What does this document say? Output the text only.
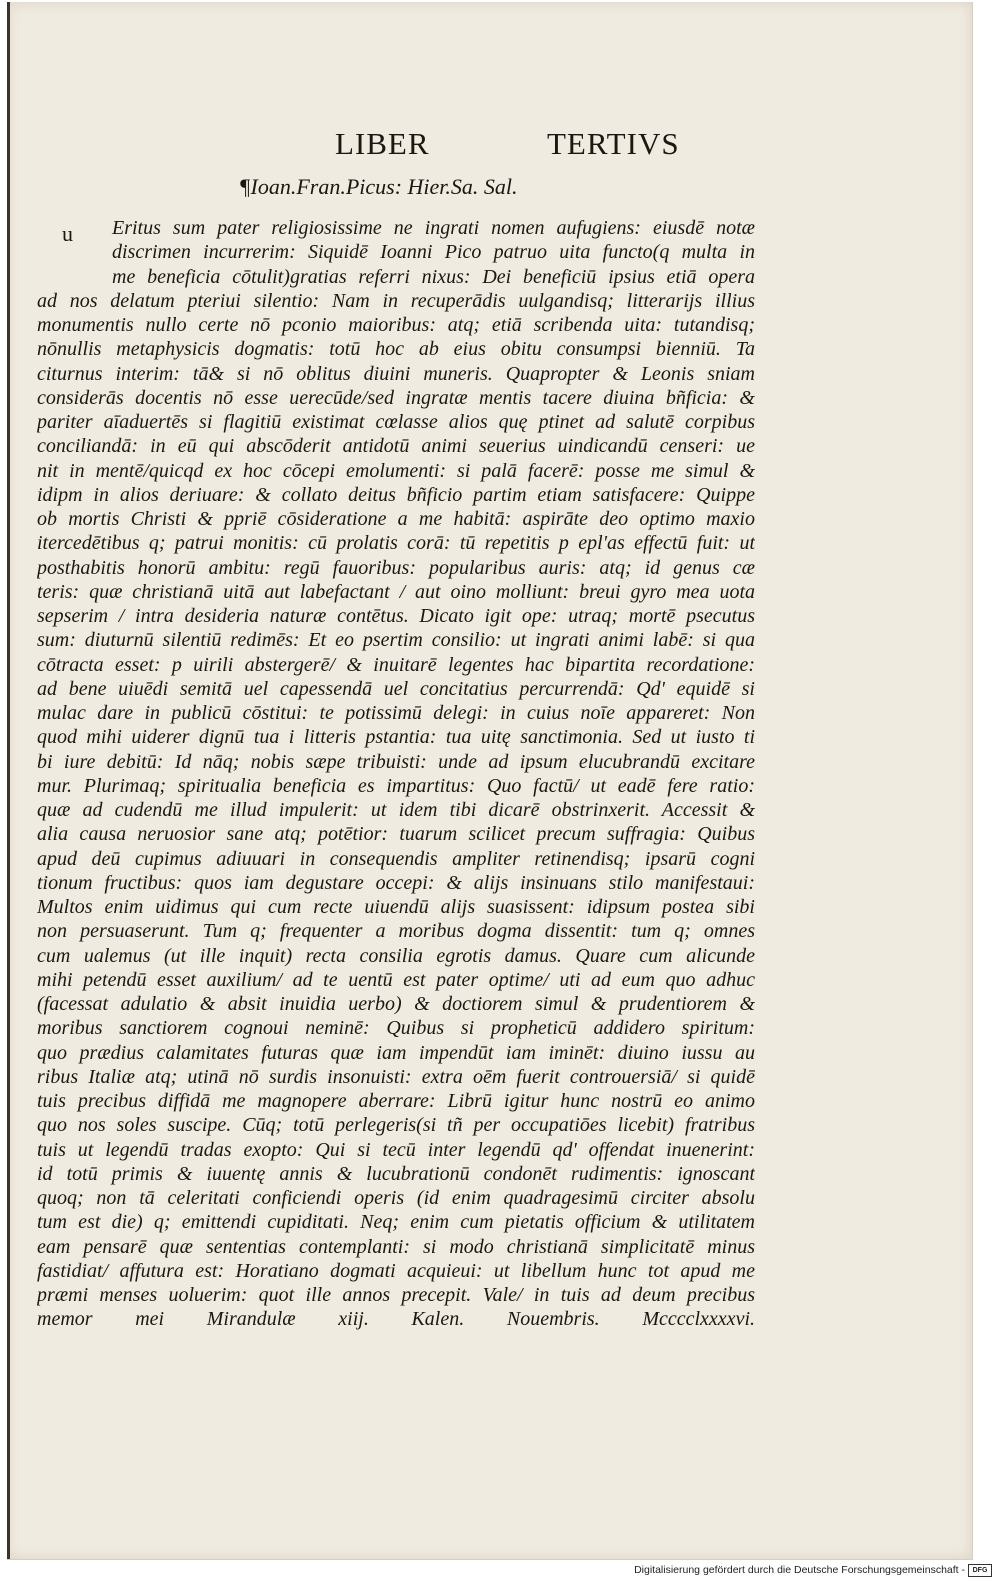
LIBER	TERTIVS
¶Ioan.Fran.Picus: Hier.Sa. Sal.
u	Eritus sum pater religiosissime ne ingrati nomen aufugiens: eiusdē notæ
discrimen incurrerim: Siquidē Ioanni Pico patruo uita functo(q multa in
me beneficia cōtulit)gratias referri nixus: Dei beneficiū ipsius etiā opera
ad nos delatum pteriui silentio: Nam in recuperādis uulgandisq; litterarijs illius
monumentis nullo certe nō pconio maioribus: atq; etiā scribenda uita: tutandisq;
nōnullis metaphysicis dogmatis: totū hoc ab eius obitu consumpsi bienniū. Ta
citurnus interim: tā& si nō oblitus diuini muneris. Quapropter & Leonis sniam
considerās docentis nō esse uerecūde/sed ingratæ mentis tacere diuina bñficia: &
pariter aīaduertēs si flagitiū existimat cœlasse alios quę ptinet ad salutē corpibus
conciliandā: in eū qui abscōderit antidotū animi seuerius uindicandū censeri: ue
nit in mentē/quicqd ex hoc cōcepi emolumenti: si palā facerē: posse me simul &
idipm in alios deriuare: & collato deitus bñficio partim etiam satisfacere: Quippe
ob mortis Christi & ppriē cōsideratione a me habitā: aspirāte deo optimo maxio
itercedētibus q; patrui monitis: cū prolatis corā: tū repetitis p epl'as effectū fuit: ut
posthabitis honorū ambitu: regū fauoribus: popularibus auris: atq; id genus cæ
teris: quæ christianā uitā aut labefactant / aut oino molliunt: breui gyro mea uota
sepserim / intra desideria naturæ contētus. Dicato igit ope: utraq; mortē psecutus
sum: diuturnū silentiū redimēs: Et eo psertim consilio: ut ingrati animi labē: si qua
cōtracta esset: p uirili abstergerē/ & inuitarē legentes hac bipartita recordatione:
ad bene uiuēdi semitā uel capessendā uel concitatius percurrendā: Qd' equidē si
mulac dare in publicū cōstitui: te potissimū delegi: in cuius noīe appareret: Non
quod mihi uiderer dignū tua i litteris pstantia: tua uitę sanctimonia. Sed ut iusto ti
bi iure debitū: Id nāq; nobis sæpe tribuisti: unde ad ipsum elucubrandū excitare
mur. Plurimaq; spiritualia beneficia es impartitus: Quo factū/ ut eadē fere ratio:
quæ ad cudendū me illud impulerit: ut idem tibi dicarē obstrinxerit. Accessit &
alia causa neruosior sane atq; potētior: tuarum scilicet precum suffragia: Quibus
apud deū cupimus adiuuari in consequendis ampliter retinendisq; ipsarū cogni
tionum fructibus: quos iam degustare occepi: & alijs insinuans stilo manifestaui:
Multos enim uidimus qui cum recte uiuendū alijs suasissent: idipsum postea sibi
non persuaserunt. Tum q; frequenter a moribus dogma dissentit: tum q; omnes
cum ualemus (ut ille inquit) recta consilia egrotis damus. Quare cum alicunde
mihi petendū esset auxilium/ ad te uentū est pater optime/ uti ad eum quo adhuc
(facessat adulatio & absit inuidia uerbo) & doctiorem simul & prudentiorem &
moribus sanctiorem cognoui neminē: Quibus si propheticū addidero spiritum:
quo prædius calamitates futuras quæ iam impendūt iam iminēt: diuino iussu au
ribus Italiæ atq; utinā nō surdis insonuisti: extra oēm fuerit controuersiā/ si quidē
tuis precibus diffidā me magnopere aberrare: Librū igitur hunc nostrū eo animo
quo nos soles suscipe. Cūq; totū perlegeris(si tñ per occupatiōes licebit) fratribus
tuis ut legendū tradas exopto: Qui si tecū inter legendū qd' offendat inuenerint:
id totū primis & iuuentę annis & lucubrationū condonēt rudimentis: ignoscant
quoq; non tā celeritati conficiendi operis (id enim quadragesimū circiter absolu
tum est die) q; emittendi cupiditati. Neq; enim cum pietatis officium & utilitatem
eam pensarē quæ sententias contemplanti: si modo christianā simplicitatē minus
fastidiat/ affutura est: Horatiano dogmati acquieui: ut libellum hunc tot apud me
præmi menses uoluerim: quot ille annos precepit. Vale/ in tuis ad deum precibus
memor mei Mirandulæ xiij. Kalen. Nouembris. Mcccclxxxxvi.
Digitalisierung gefördert durch die Deutsche Forschungsgemeinschaft -	DFG
